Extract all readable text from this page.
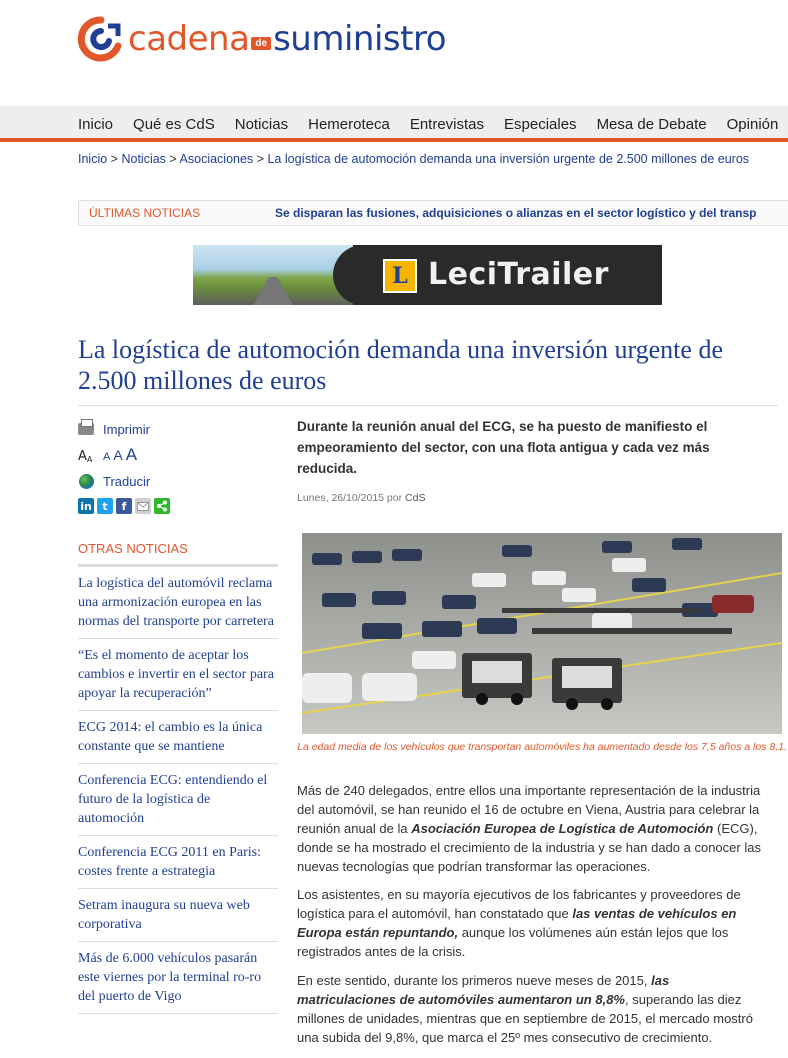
cadena de suministro
Inicio Qué es CdS Noticias Hemeroteca Entrevistas Especiales Mesa de Debate Opinión
Inicio > Noticias > Asociaciones > La logística de automoción demanda una inversión urgente de 2.500 millones de euros
ÚLTIMAS NOTICIAS	Se disparan las fusiones, adquisiciones o alianzas en el sector logístico y del transp
L LeciTrailer
La logística de automoción demanda una inversión urgente de 2.500 millones de euros
Imprimir
A A A A A
Traducir
in t	f
OTRAS NOTICIAS
La logística del automóvil reclama una armonización europea en las normas del transporte por carretera
“Es el momento de aceptar los cambios e invertir en el sector para apoyar la recuperación”
ECG 2014: el cambio es la única constante que se mantiene
Conferencia ECG: entendiendo el futuro de la logística de automoción
Conferencia ECG 2011 en Paris: costes frente a estrategia
Setram inaugura su nueva web corporativa
Más de 6.000 vehículos pasarán este viernes por la terminal ro-ro del puerto de Vigo

Durante la reunión anual del ECG, se ha puesto de manifiesto el empeoramiento del sector, con una flota antigua y cada vez más reducida.

Lunes, 26/10/2015 por CdS

La edad media de los vehículos que transportan automóviles ha aumentado desde los 7,5 años a los 8,1.

Más de 240 delegados, entre ellos una importante representación de la industria del automóvil, se han reunido el 16 de octubre en Viena, Austria para celebrar la reunión anual de la Asociación Europea de Logística de Automoción (ECG), donde se ha mostrado el crecimiento de la industria y se han dado a conocer las nuevas tecnologías que podrían transformar las operaciones.

Los asistentes, en su mayoría ejecutivos de los fabricantes y proveedores de logística para el automóvil, han constatado que las ventas de vehículos en Europa están repuntando, aunque los volúmenes aún están lejos que los registrados antes de la crisis.

En este sentido, durante los primeros nueve meses de 2015, las matriculaciones de automóviles aumentaron un 8,8%, superando las diez millones de unidades, mientras que en septiembre de 2015, el mercado mostró una subida del 9,8%, que marca el 25º mes consecutivo de crecimiento.
